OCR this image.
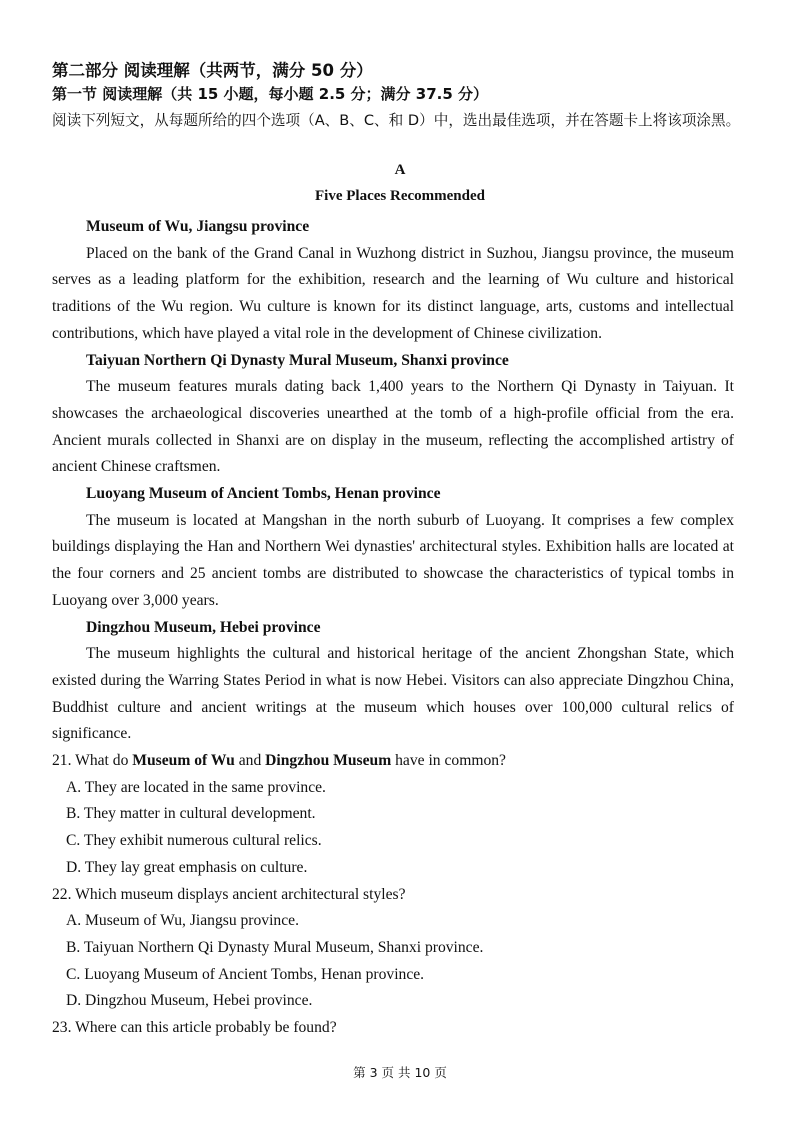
第二部分 阅读理解（共两节，满分 50 分）
第一节 阅读理解（共 15 小题，每小题 2.5 分；满分 37.5 分）
阅读下列短文，从每题所给的四个选项（A、B、C、和 D）中，选出最佳选项，并在答题卡上将该项涂黑。
A
Five Places Recommended

Museum of Wu, Jiangsu province

Placed on the bank of the Grand Canal in Wuzhong district in Suzhou, Jiangsu province, the museum serves as a leading platform for the exhibition, research and the learning of Wu culture and historical traditions of the Wu region. Wu culture is known for its distinct language, arts, customs and intellectual contributions, which have played a vital role in the development of Chinese civilization.

Taiyuan Northern Qi Dynasty Mural Museum, Shanxi province

The museum features murals dating back 1,400 years to the Northern Qi Dynasty in Taiyuan. It showcases the archaeological discoveries unearthed at the tomb of a high-profile official from the era. Ancient murals collected in Shanxi are on display in the museum, reflecting the accomplished artistry of ancient Chinese craftsmen.

Luoyang Museum of Ancient Tombs, Henan province

The museum is located at Mangshan in the north suburb of Luoyang. It comprises a few complex buildings displaying the Han and Northern Wei dynasties' architectural styles. Exhibition halls are located at the four corners and 25 ancient tombs are distributed to showcase the characteristics of typical tombs in Luoyang over 3,000 years.

Dingzhou Museum, Hebei province

The museum highlights the cultural and historical heritage of the ancient Zhongshan State, which existed during the Warring States Period in what is now Hebei. Visitors can also appreciate Dingzhou China, Buddhist culture and ancient writings at the museum which houses over 100,000 cultural relics of significance.

21. What do Museum of Wu and Dingzhou Museum have in common?

A. They are located in the same province.

B. They matter in cultural development.

C. They exhibit numerous cultural relics.

D. They lay great emphasis on culture.

22. Which museum displays ancient architectural styles?

A. Museum of Wu, Jiangsu province.

B. Taiyuan Northern Qi Dynasty Mural Museum, Shanxi province.

C. Luoyang Museum of Ancient Tombs, Henan province.

D. Dingzhou Museum, Hebei province.

23. Where can this article probably be found?

第 3 页 共 10 页
